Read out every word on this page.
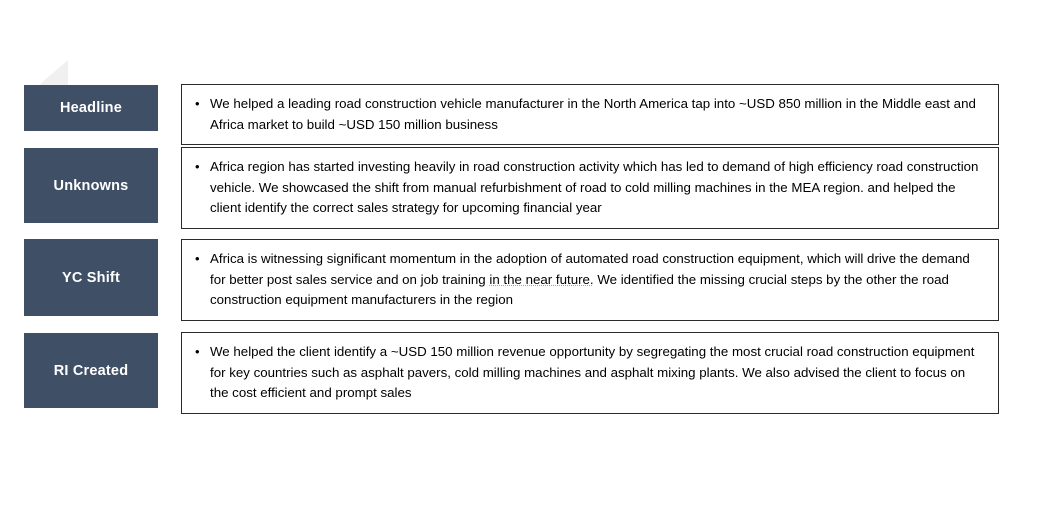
Headline	• We helped a leading road construction vehicle manufacturer in the North America tap into ~USD 850 million in the Middle east and Africa market to build ~USD 150 million business
Unknowns
• Africa region has started investing heavily in road construction activity which has led to demand of high efficiency road construction vehicle. We showcased the shift from manual refurbishment of road to cold milling machines in the MEA region. and helped the client identify the correct sales strategy for upcoming financial year
YC Shift
• Africa is witnessing significant momentum in the adoption of automated road construction equipment, which will drive the demand for better post sales service and on job training in the near future. We identified the missing crucial steps by the other the road construction equipment manufacturers in the region
RI Created
• We helped the client identify a ~USD 150 million revenue opportunity by segregating the most crucial road construction equipment for key countries such as asphalt pavers, cold milling machines and asphalt mixing plants. We also advised the client to focus on the cost efficient and prompt sales
